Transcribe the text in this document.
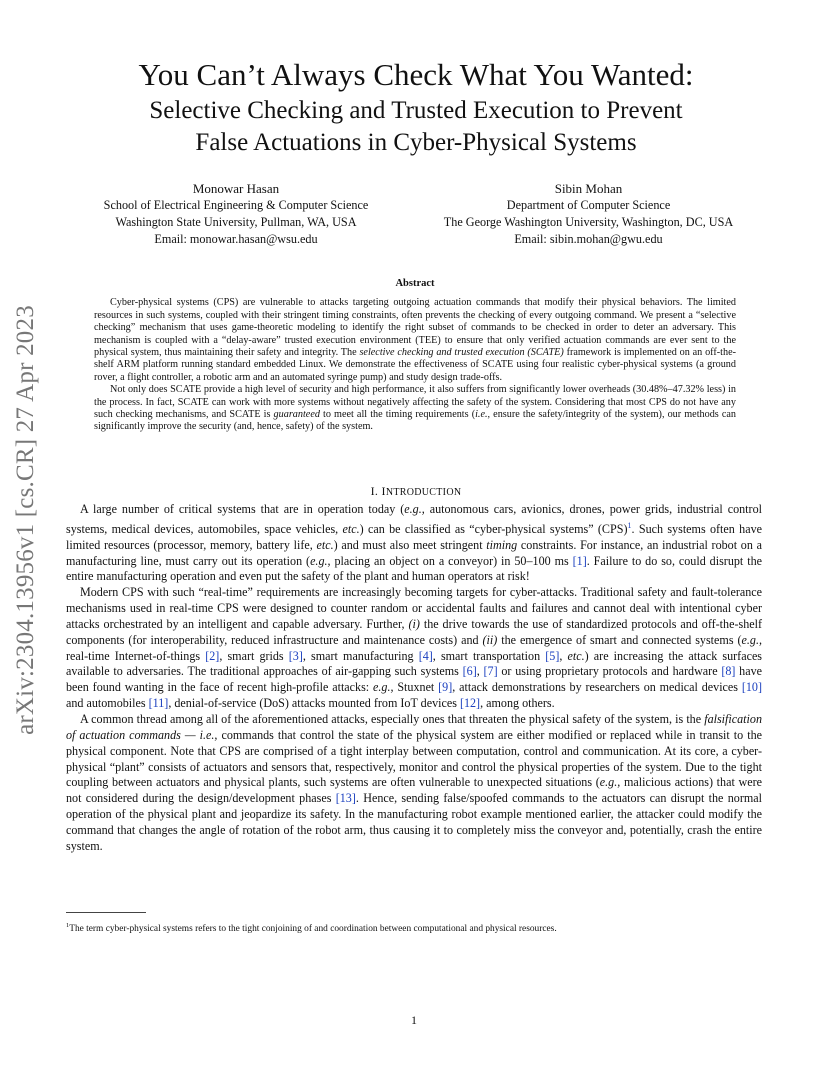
arXiv:2304.13956v1 [cs.CR] 27 Apr 2023
You Can’t Always Check What You Wanted:
Selective Checking and Trusted Execution to Prevent
False Actuations in Cyber-Physical Systems
Monowar Hasan
School of Electrical Engineering & Computer Science
Washington State University, Pullman, WA, USA
Email: monowar.hasan@wsu.edu
Sibin Mohan
Department of Computer Science
The George Washington University, Washington, DC, USA
Email: sibin.mohan@gwu.edu
Abstract

Cyber-physical systems (CPS) are vulnerable to attacks targeting outgoing actuation commands that modify their physical behaviors. The limited resources in such systems, coupled with their stringent timing constraints, often prevents the checking of every outgoing command. We present a “selective checking” mechanism that uses game-theoretic modeling to identify the right subset of commands to be checked in order to deter an adversary. This mechanism is coupled with a “delay-aware” trusted execution environment (TEE) to ensure that only verified actuation commands are ever sent to the physical system, thus maintaining their safety and integrity. The selective checking and trusted execution (SCATE) framework is implemented on an off-the-shelf ARM platform running standard embedded Linux. We demonstrate the effectiveness of SCATE using four realistic cyber-physical systems (a ground rover, a flight controller, a robotic arm and an automated syringe pump) and study design trade-offs.

Not only does SCATE provide a high level of security and high performance, it also suffers from significantly lower overheads (30.48%–47.32% less) in the process. In fact, SCATE can work with more systems without negatively affecting the safety of the system. Considering that most CPS do not have any such checking mechanisms, and SCATE is guaranteed to meet all the timing requirements (i.e., ensure the safety/integrity of the system), our methods can significantly improve the security (and, hence, safety) of the system.

I. INTRODUCTION

A large number of critical systems that are in operation today (e.g., autonomous cars, avionics, drones, power grids, industrial control systems, medical devices, automobiles, space vehicles, etc.) can be classified as “cyber-physical systems” (CPS)$^1$. Such systems often have limited resources (processor, memory, battery life, etc.) and must also meet stringent timing constraints. For instance, an industrial robot on a manufacturing line, must carry out its operation (e.g., placing an object on a conveyor) in 50–100 ms [1]. Failure to do so, could disrupt the entire manufacturing operation and even put the safety of the plant and human operators at risk!

Modern CPS with such “real-time” requirements are increasingly becoming targets for cyber-attacks. Traditional safety and fault-tolerance mechanisms used in real-time CPS were designed to counter random or accidental faults and failures and cannot deal with intentional cyber attacks orchestrated by an intelligent and capable adversary. Further, (i) the drive towards the use of standardized protocols and off-the-shelf components (for interoperability, reduced infrastructure and maintenance costs) and (ii) the emergence of smart and connected systems (e.g., real-time Internet-of-things [2], smart grids [3], smart manufacturing [4], smart transportation [5], etc.) are increasing the attack surfaces available to adversaries. The traditional approaches of air-gapping such systems [6], [7] or using proprietary protocols and hardware [8] have been found wanting in the face of recent high-profile attacks: e.g., Stuxnet [9], attack demonstrations by researchers on medical devices [10] and automobiles [11], denial-of-service (DoS) attacks mounted from IoT devices [12], among others.

A common thread among all of the aforementioned attacks, especially ones that threaten the physical safety of the system, is the falsification of actuation commands — i.e., commands that control the state of the physical system are either modified or replaced while in transit to the physical component. Note that CPS are comprised of a tight interplay between computation, control and communication. At its core, a cyber-physical “plant” consists of actuators and sensors that, respectively, monitor and control the physical properties of the system. Due to the tight coupling between actuators and physical plants, such systems are often vulnerable to unexpected situations (e.g., malicious actions) that were not considered during the design/development phases [13]. Hence, sending false/spoofed commands to the actuators can disrupt the normal operation of the physical plant and jeopardize its safety. In the manufacturing robot example mentioned earlier, the attacker could modify the command that changes the angle of rotation of the robot arm, thus causing it to completely miss the conveyor and, potentially, crash the entire system.

$^1$The term cyber-physical systems refers to the tight conjoining of and coordination between computational and physical resources.
1
